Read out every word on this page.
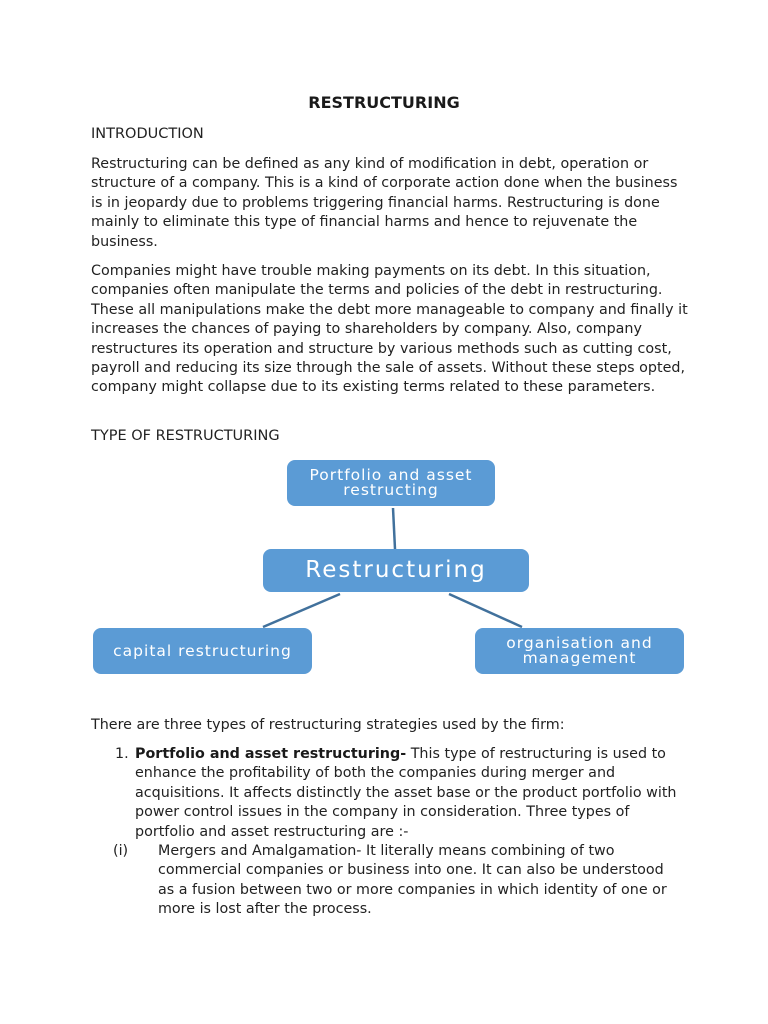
RESTRUCTURING
INTRODUCTION

Restructuring can be defined as any kind of modification in debt, operation or structure of a company. This is a kind of corporate action done when the business is in jeopardy due to problems triggering financial harms. Restructuring is done mainly to eliminate this type of financial harms and hence to rejuvenate the business.

Companies might have trouble making payments on its debt. In this situation, companies often manipulate the terms and policies of the debt in restructuring. These all manipulations make the debt more manageable to company and finally it increases the chances of paying to shareholders by company. Also, company restructures its operation and structure by various methods such as cutting cost, payroll and reducing its size through the sale of assets. Without these steps opted, company might collapse due to its existing terms related to these parameters.

TYPE OF RESTRUCTURING
Portfolio and asset restructing
Restructuring
capital restructuring	organisation and management

There are three types of restructuring strategies used by the firm:

1. Portfolio and asset restructuring- This type of restructuring is used to enhance the profitability of both the companies during merger and acquisitions. It affects distinctly the asset base or the product portfolio with power control issues in the company in consideration. Three types of portfolio and asset restructuring are :-
(i) Mergers and Amalgamation- It literally means combining of two commercial companies or business into one. It can also be understood as a fusion between two or more companies in which identity of one or more is lost after the process.
